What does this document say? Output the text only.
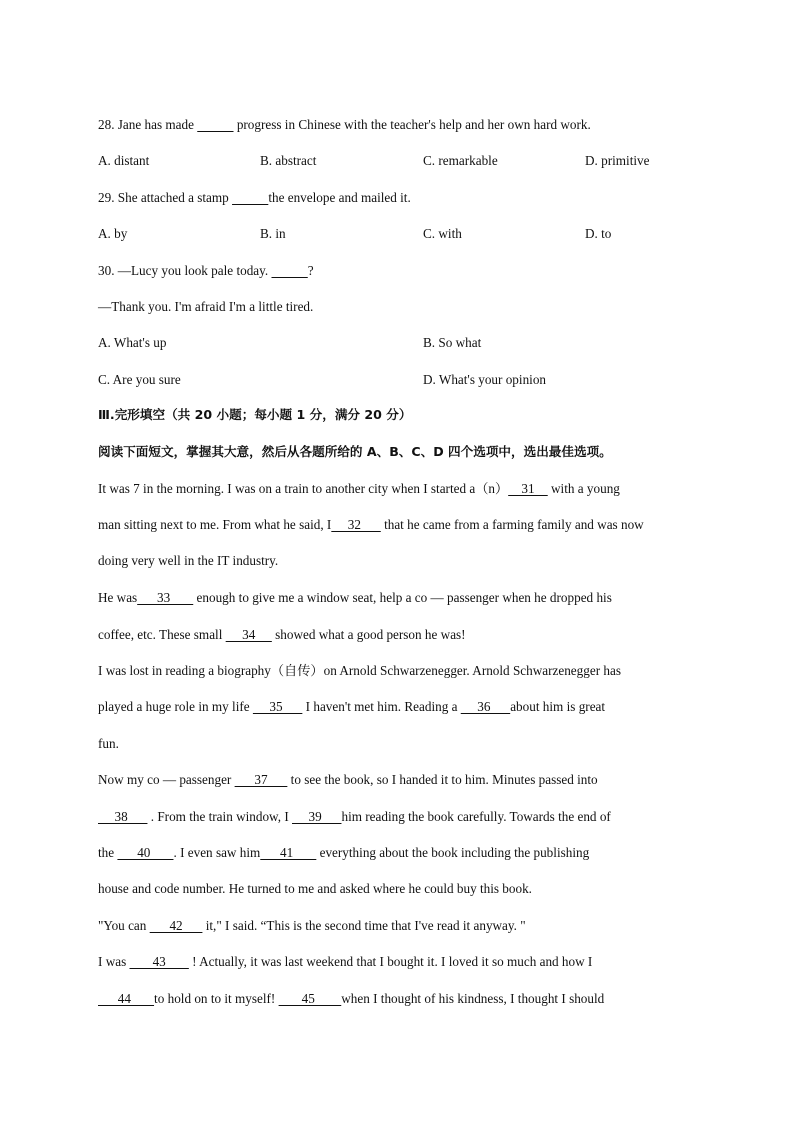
28. Jane has made	progress in Chinese with the teacher's help and her own hard work.
A. distant	B. abstract	C. remarkable	D. primitive
29. She attached a stamp	the envelope and mailed it.
A. by	B. in	C. with	D. to
30. —Lucy you look pale today.	?
—Thank you. I'm afraid I'm a little tired.
A. What's up	B. So what
C. Are you sure	D. What's your opinion
Ⅲ.完形填空（共 20 小题；每小题 1 分，满分 20 分）
阅读下面短文，掌握其大意，然后从各题所给的 A、B、C、D 四个选项中，选出最佳选项。
It was 7 in the morning. I was on a train to another city when I started a（n）    31     with a young
man sitting next to me. From what he said, I     32       that he came from a farming family and was now
doing very well in the IT industry.
He was      33        enough to give me a window seat, help a co — passenger when he dropped his
coffee, etc. These small      34      showed what a good person he was!
I was lost in reading a biography（自传）on Arnold Schwarzenegger. Arnold Schwarzenegger has
played a huge role in my life      35       I haven't met him. Reading a      36      about him is great
fun.
Now my co — passenger       37       to see the book, so I handed it to him. Minutes passed into
38       . From the train window, I      39      him reading the book carefully. Towards the end of
the       40       . I even saw him      41        everything about the book including the publishing
house and code number. He turned to me and asked where he could buy this book.
"You can       42       it," I said. “This is the second time that I've read it anyway. "
I was        43        ! Actually, it was last weekend that I bought it. I loved it so much and how I
44       to hold on to it myself!        45        when I thought of his kindness, I thought I should
